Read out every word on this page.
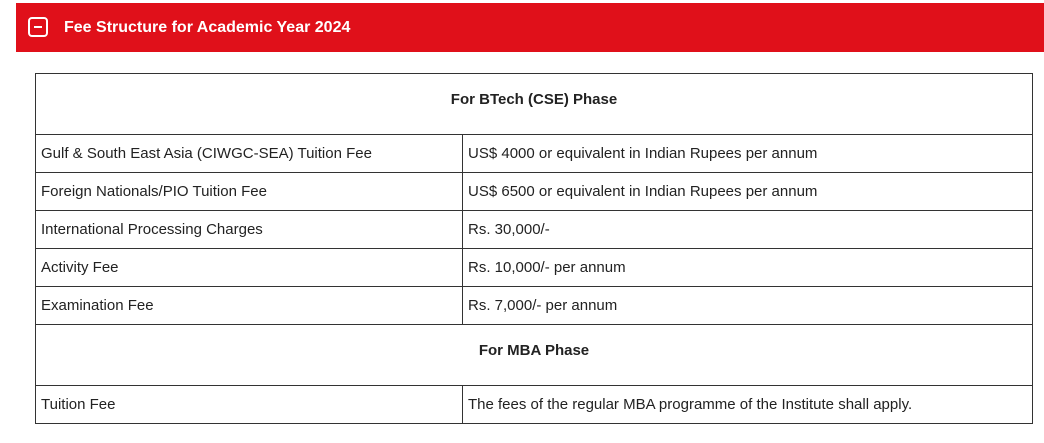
Fee Structure for Academic Year 2024
For BTech (CSE) Phase	
Gulf & South East Asia (CIWGC-SEA) Tuition Fee	US$ 4000 or equivalent in Indian Rupees per annum
Foreign Nationals/PIO Tuition Fee	US$ 6500 or equivalent in Indian Rupees per annum
International Processing Charges	Rs. 30,000/-
Activity Fee	Rs. 10,000/- per annum
Examination Fee	Rs. 7,000/- per annum
For MBA Phase	
Tuition Fee	The fees of the regular MBA programme of the Institute shall apply.
